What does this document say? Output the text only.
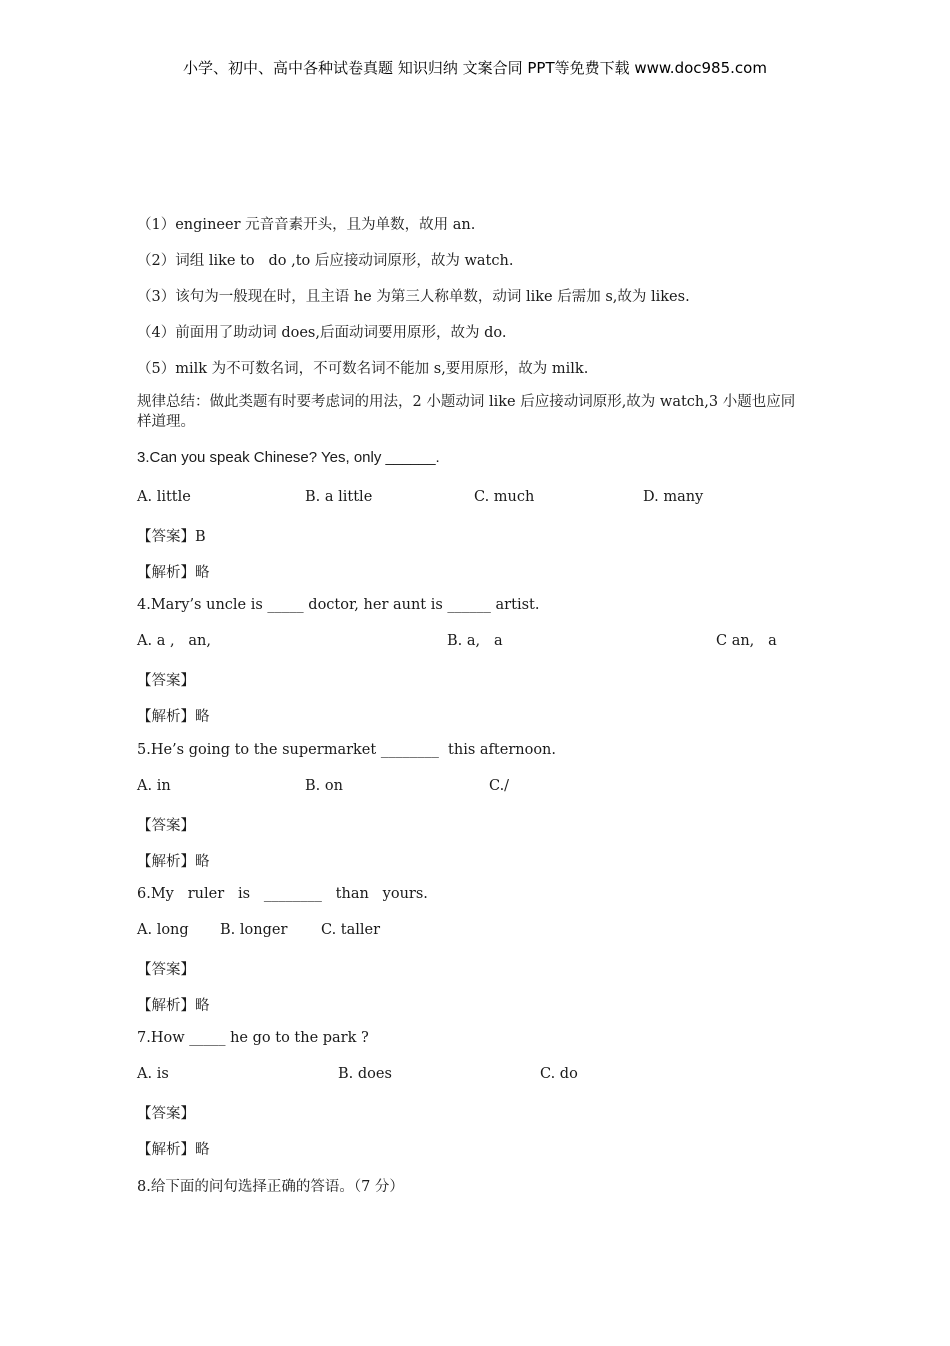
小学、初中、高中各种试卷真题 知识归纳 文案合同 PPT等免费下载 www.doc985.com
（1）engineer 元音音素开头，且为单数，故用 an.
（2）词组 like to   do ,to 后应接动词原形，故为 watch.
（3）该句为一般现在时，且主语 he 为第三人称单数，动词 like 后需加 s,故为 likes.
（4）前面用了助动词 does,后面动词要用原形，故为 do.
（5）milk 为不可数名词，不可数名词不能加 s,要用原形，故为 milk.
规律总结：做此类题有时要考虑词的用法，2 小题动词 like 后应接动词原形,故为 watch,3 小题也应同样道理。
3.Can you speak Chinese? Yes, only ______.
A. little	B. a little	C. much	D. many
【答案】B
【解析】略
4.Mary’s uncle is _____ doctor, her aunt is ______ artist.
A. a ,   an,	B. a,   a	C an,   a
【答案】
【解析】略
5.He’s going to the supermarket ________  this afternoon.
A. in	B. on	C./
【答案】
【解析】略
6.My   ruler   is   ________   than   yours.
A. long B. longer C. taller
【答案】
【解析】略
7.How _____ he go to the park ?
A. is	B. does	C. do
【答案】
【解析】略
8.给下面的问句选择正确的答语。（7 分）
